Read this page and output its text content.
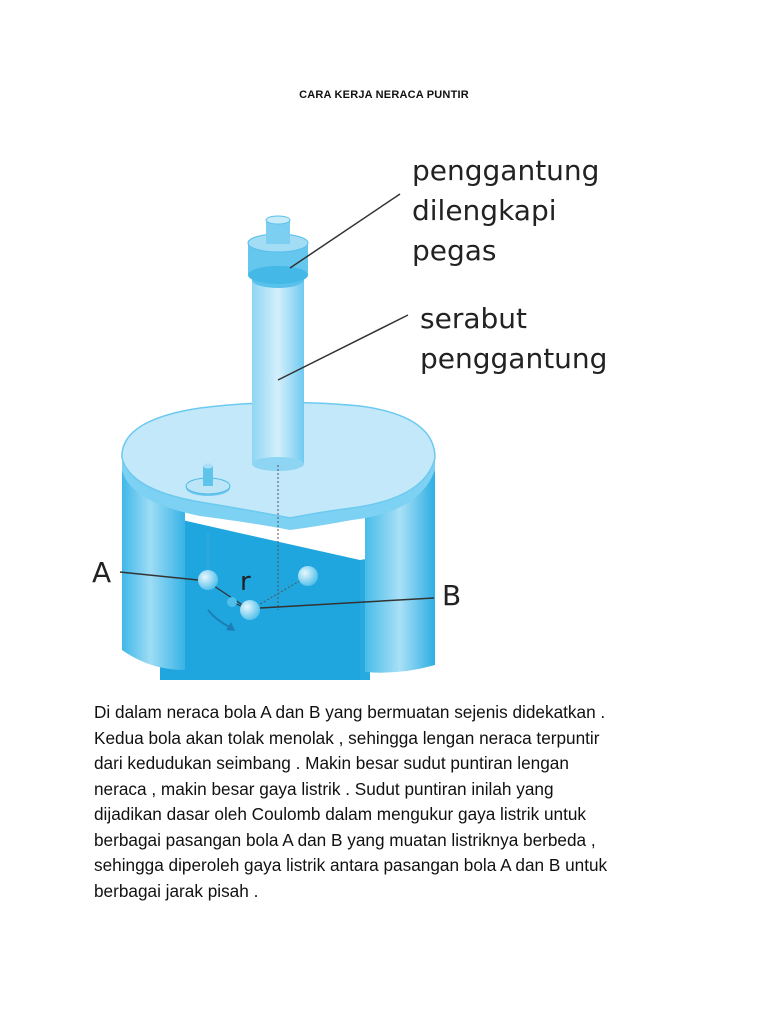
CARA KERJA NERACA PUNTIR
penggantung
dilengkapi
pegas
serabut
penggantung
A
B
r
Di dalam neraca bola A dan B yang bermuatan sejenis didekatkan .
Kedua bola akan tolak menolak , sehingga lengan neraca terpuntir
dari kedudukan seimbang . Makin besar sudut puntiran lengan
neraca , makin besar gaya listrik . Sudut puntiran inilah yang
dijadikan dasar oleh Coulomb dalam mengukur gaya listrik untuk
berbagai pasangan bola A dan B yang muatan listriknya berbeda ,
sehingga diperoleh gaya listrik antara pasangan bola A dan B untuk
berbagai jarak pisah .
